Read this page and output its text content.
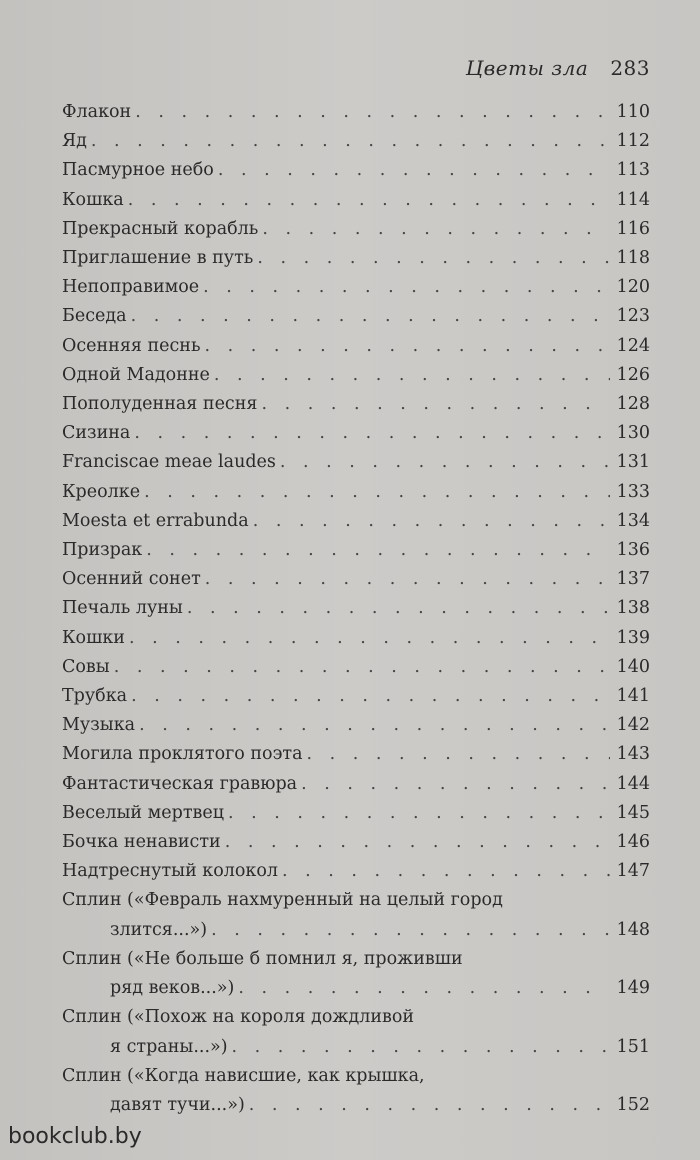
Цветы зла 283
Флакон . . .	110
Яд . . .	112
Пасмурное небо . . .	113
Кошка . . .	114
Прекрасный корабль . . .	116
Приглашение в путь . . .	118
Непоправимое . . .	120
Беседа . . .	123
Осенняя песнь . . .	124
Одной Мадонне . . .	126
Пополуденная песня . . .	128
Сизина . . .	130
Franciscae meae laudes . . .	131
Креолке . . .	133
Moesta et errabunda . . .	134
Призрак . . .	136
Осенний сонет . . .	137
Печаль луны . . .	138
Кошки . . .	139
Совы . . .	140
Трубка . . .	141
Музыка . . .	142
Могила проклятого поэта . . .	143
Фантастическая гравюра . . .	144
Веселый мертвец . . .	145
Бочка ненависти . . .	146
Надтреснутый колокол . . .	147
Сплин («Февраль нахмуренный на целый город
злится...») . . .	148
Сплин («Не больше б помнил я, проживши
ряд веков...») . . .	149
Сплин («Похож на короля дождливой
я страны...») . . .	151
Сплин («Когда нависшие, как крышка,
давят тучи...») . . .	152
bookclub.by
